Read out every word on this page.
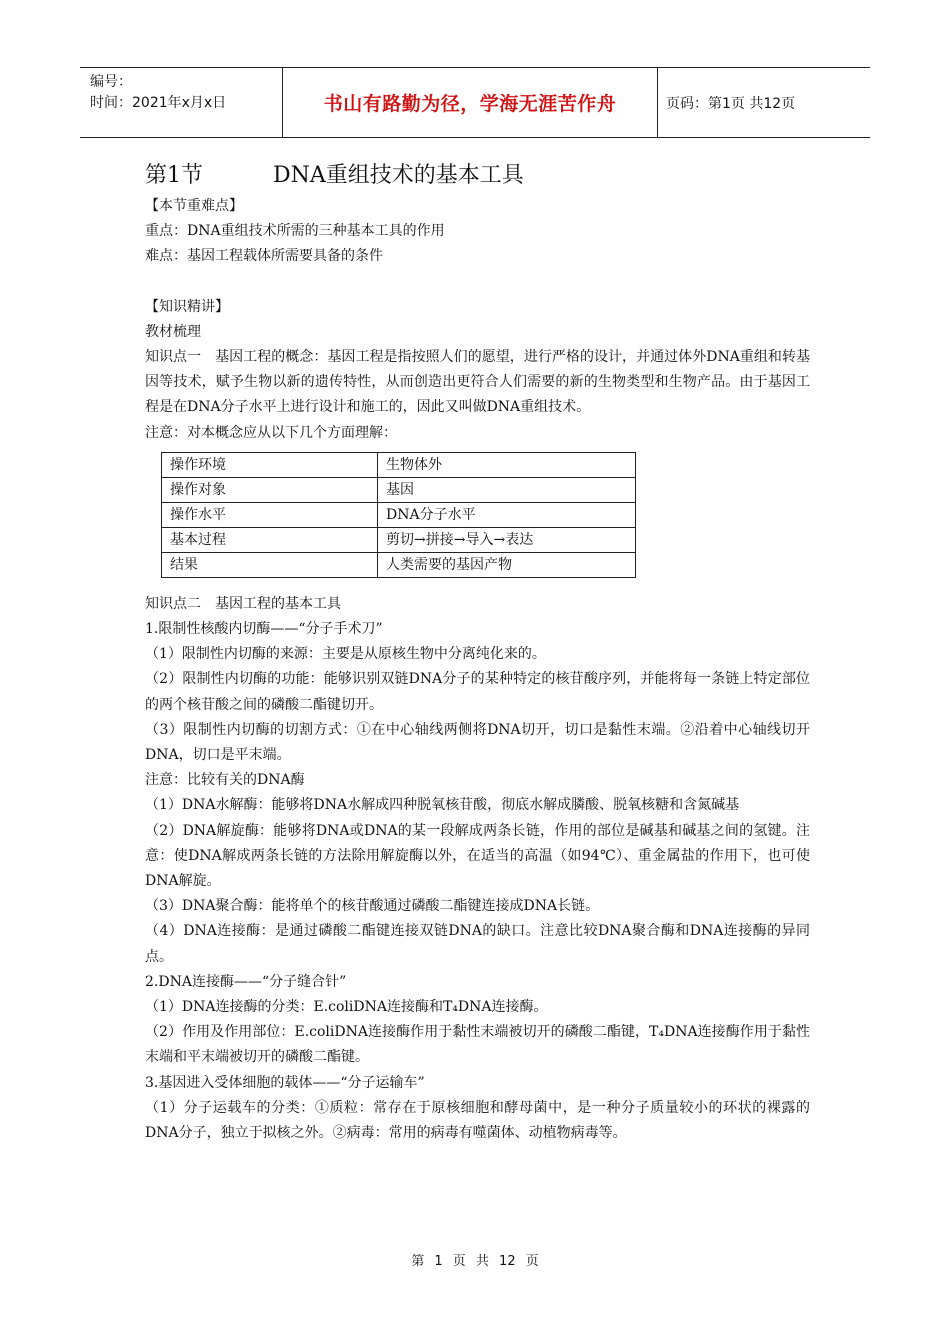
编号：
时间：2021年x月x日	书山有路勤为径，学海无涯苦作舟	页码：第1页 共12页
第1节	DNA重组技术的基本工具

【本节重难点】

重点：DNA重组技术所需的三种基本工具的作用

难点：基因工程载体所需要具备的条件

【知识精讲】

教材梳理

知识点一　基因工程的概念：基因工程是指按照人们的愿望，进行严格的设计，并通过体外DNA重组和转基因等技术，赋予生物以新的遗传特性，从而创造出更符合人们需要的新的生物类型和生物产品。由于基因工程是在DNA分子水平上进行设计和施工的，因此又叫做DNA重组技术。

注意：对本概念应从以下几个方面理解：

操作环境	生物体外
操作对象	基因
操作水平	DNA分子水平
基本过程	剪切→拼接→导入→表达
结果	人类需要的基因产物

知识点二　基因工程的基本工具

1.限制性核酸内切酶——“分子手术刀”

（1）限制性内切酶的来源：主要是从原核生物中分离纯化来的。

（2）限制性内切酶的功能：能够识别双链DNA分子的某种特定的核苷酸序列，并能将每一条链上特定部位的两个核苷酸之间的磷酸二酯键切开。

（3）限制性内切酶的切割方式：①在中心轴线两侧将DNA切开，切口是黏性末端。②沿着中心轴线切开DNA，切口是平末端。

注意：比较有关的DNA酶

（1）DNA水解酶：能够将DNA水解成四种脱氧核苷酸，彻底水解成膦酸、脱氧核糖和含氮碱基

（2）DNA解旋酶：能够将DNA或DNA的某一段解成两条长链，作用的部位是碱基和碱基之间的氢键。注意：使DNA解成两条长链的方法除用解旋酶以外，在适当的高温（如94℃）、重金属盐的作用下，也可使DNA解旋。

（3）DNA聚合酶：能将单个的核苷酸通过磷酸二酯键连接成DNA长链。

（4）DNA连接酶：是通过磷酸二酯键连接双链DNA的缺口。注意比较DNA聚合酶和DNA连接酶的异同点。

2.DNA连接酶——“分子缝合针”

（1）DNA连接酶的分类：E.coliDNA连接酶和T₄DNA连接酶。

（2）作用及作用部位：E.coliDNA连接酶作用于黏性末端被切开的磷酸二酯键，T₄DNA连接酶作用于黏性末端和平末端被切开的磷酸二酯键。

3.基因进入受体细胞的载体——“分子运输车”

（1）分子运载车的分类：①质粒：常存在于原核细胞和酵母菌中，是一种分子质量较小的环状的裸露的DNA分子，独立于拟核之外。②病毒：常用的病毒有噬菌体、动植物病毒等。

第 1 页 共 12 页
